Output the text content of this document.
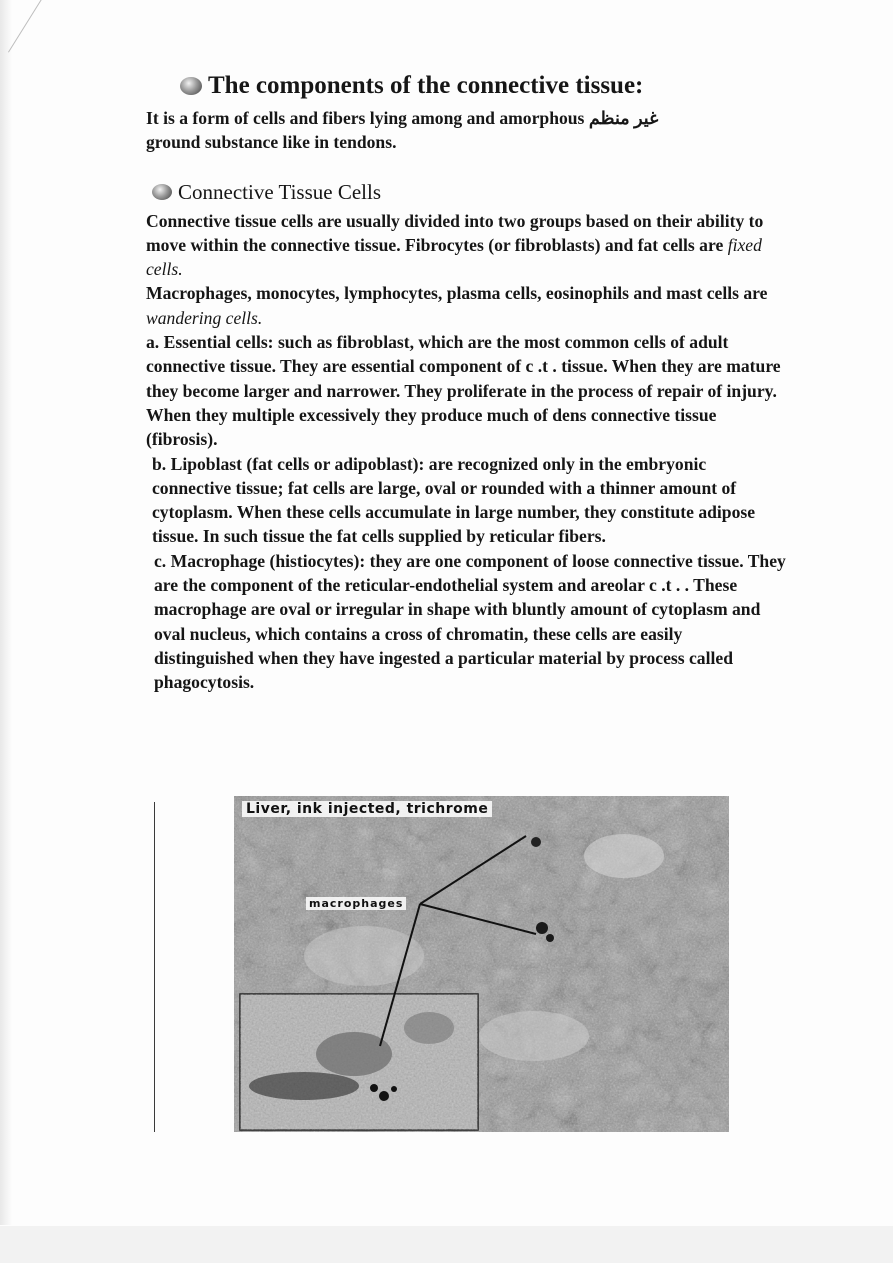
The components of the connective tissue:

It is a form of cells and fibers lying among and amorphous غير منظم
ground substance like in tendons.

Connective Tissue Cells

Connective tissue cells are usually divided into two groups based on their ability to move within the connective tissue. Fibrocytes (or fibroblasts) and fat cells are fixed cells.

Macrophages, monocytes, lymphocytes, plasma cells, eosinophils and mast cells are wandering cells.

a. Essential cells: such as fibroblast, which are the most common cells of adult connective tissue. They are essential component of c .t . tissue. When they are mature they become larger and narrower. They proliferate in the process of repair of injury. When they multiple excessively they produce much of dens connective tissue (fibrosis).

b. Lipoblast (fat cells or adipoblast): are recognized only in the embryonic connective tissue; fat cells are large, oval or rounded with a thinner amount of cytoplasm. When these cells accumulate in large number, they constitute adipose tissue. In such tissue the fat cells supplied by reticular fibers.

c. Macrophage (histiocytes): they are one component of loose connective tissue. They are the component of the reticular-endothelial system and areolar c .t . . These macrophage are oval or irregular in shape with bluntly amount of cytoplasm and oval nucleus, which contains a cross of chromatin, these cells are easily distinguished when they have ingested a particular material by process called phagocytosis.

Liver, ink injected, trichrome
macrophages
